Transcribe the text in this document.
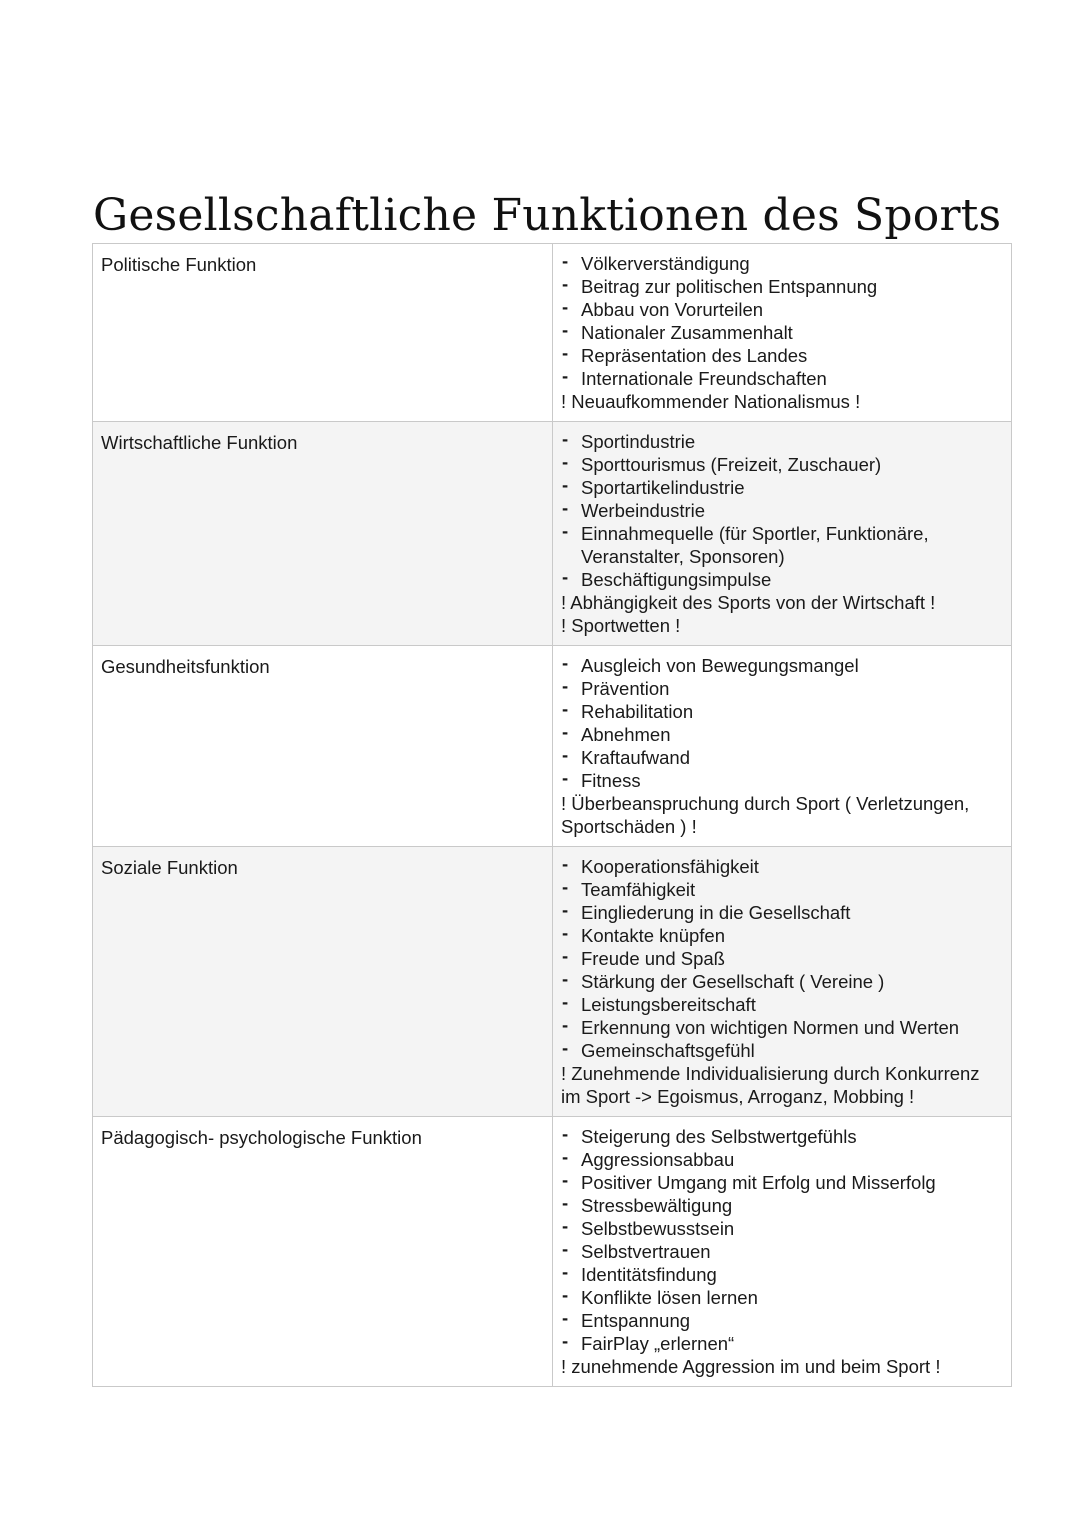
Gesellschaftliche Funktionen des Sports
Politische Funktion	- Völkerverständigung
- Beitrag zur politischen Entspannung
- Abbau von Vorurteilen
- Nationaler Zusammenhalt
- Repräsentation des Landes
- Internationale Freundschaften

! Neuaufkommender Nationalismus !

Wirtschaftliche Funktion	- Sportindustrie
- Sporttourismus (Freizeit, Zuschauer)
- Sportartikelindustrie
- Werbeindustrie
- Einnahmequelle (für Sportler, Funktionäre, Veranstalter, Sponsoren)
- Beschäftigungsimpulse

! Abhängigkeit des Sports von der Wirtschaft !

! Sportwetten !

Gesundheitsfunktion	- Ausgleich von Bewegungsmangel
- Prävention
- Rehabilitation
- Abnehmen
- Kraftaufwand
- Fitness

! Überbeanspruchung durch Sport ( Verletzungen, Sportschäden ) !

Soziale Funktion	- Kooperationsfähigkeit
- Teamfähigkeit
- Eingliederung in die Gesellschaft
- Kontakte knüpfen
- Freude und Spaß
- Stärkung der Gesellschaft ( Vereine )
- Leistungsbereitschaft
- Erkennung von wichtigen Normen und Werten
- Gemeinschaftsgefühl

! Zunehmende Individualisierung durch Konkurrenz im Sport -> Egoismus, Arroganz, Mobbing !

Pädagogisch- psychologische Funktion	- Steigerung des Selbstwertgefühls
- Aggressionsabbau
- Positiver Umgang mit Erfolg und Misserfolg
- Stressbewältigung
- Selbstbewusstsein
- Selbstvertrauen
- Identitätsfindung
- Konflikte lösen lernen
- Entspannung
- FairPlay „erlernen“

! zunehmende Aggression im und beim Sport !
